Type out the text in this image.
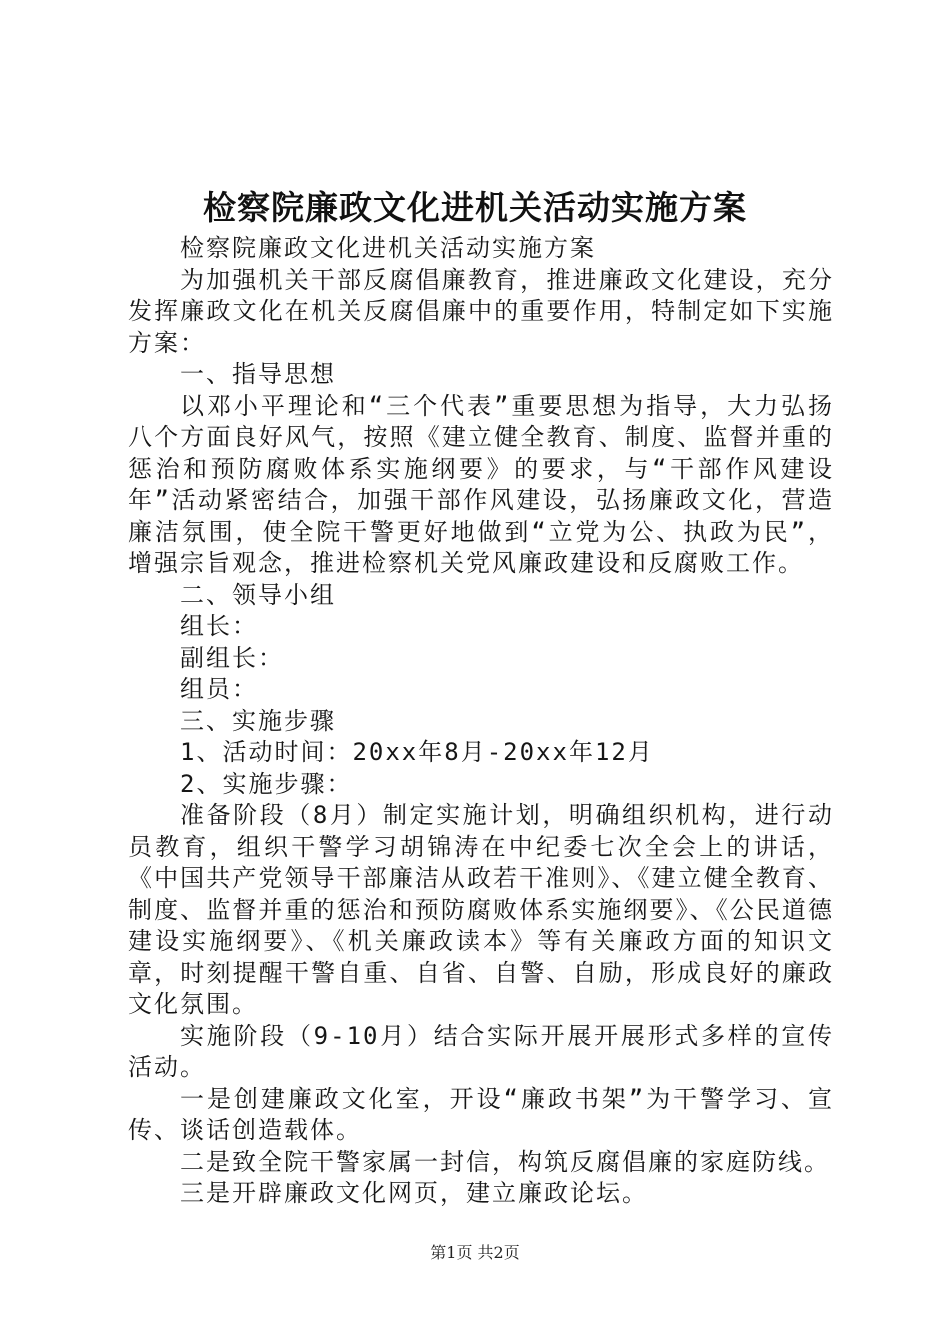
检察院廉政文化进机关活动实施方案

检察院廉政文化进机关活动实施方案

为加强机关干部反腐倡廉教育，推进廉政文化建设，充分发挥廉政文化在机关反腐倡廉中的重要作用，特制定如下实施方案：

一、指导思想

以邓小平理论和“三个代表”重要思想为指导，大力弘扬八个方面良好风气，按照《建立健全教育、制度、监督并重的惩治和预防腐败体系实施纲要》的要求，与“干部作风建设年”活动紧密结合，加强干部作风建设，弘扬廉政文化，营造廉洁氛围，使全院干警更好地做到“立党为公、执政为民”，增强宗旨观念，推进检察机关党风廉政建设和反腐败工作。

二、领导小组

组长：

副组长：

组员：

三、实施步骤

1、活动时间：20xx年8月-20xx年12月

2、实施步骤：

准备阶段（8月）制定实施计划，明确组织机构，进行动员教育，组织干警学习胡锦涛在中纪委七次全会上的讲话，《中国共产党领导干部廉洁从政若干准则》、《建立健全教育、制度、监督并重的惩治和预防腐败体系实施纲要》、《公民道德建设实施纲要》、《机关廉政读本》等有关廉政方面的知识文章，时刻提醒干警自重、自省、自警、自励，形成良好的廉政文化氛围。

实施阶段（9-10月）结合实际开展开展形式多样的宣传活动。

一是创建廉政文化室，开设“廉政书架”为干警学习、宣传、谈话创造载体。

二是致全院干警家属一封信，构筑反腐倡廉的家庭防线。

三是开辟廉政文化网页，建立廉政论坛。

第1页 共2页
